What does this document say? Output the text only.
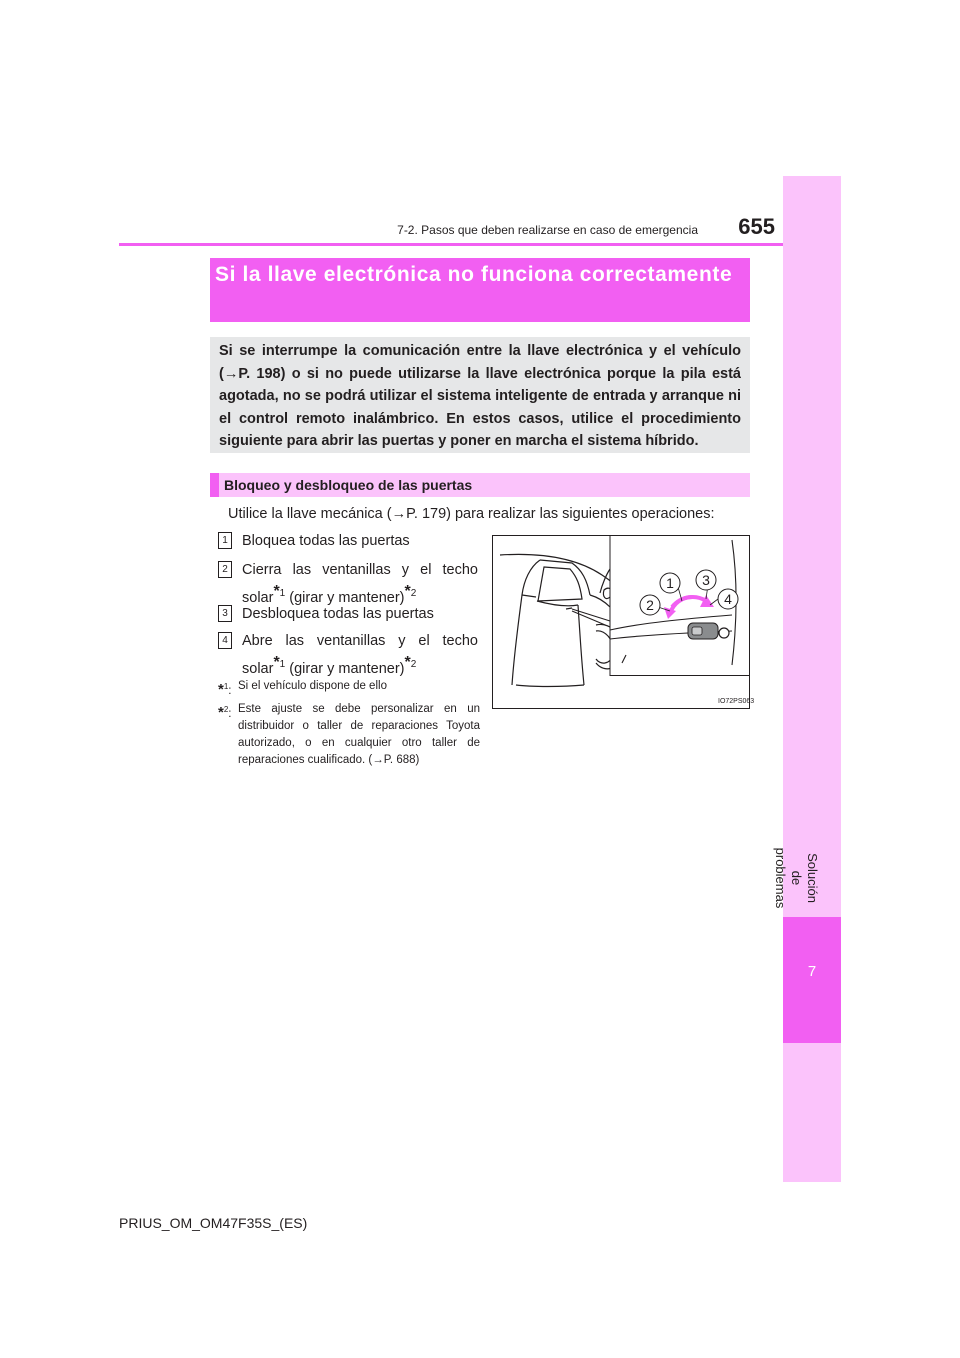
7
Solución de problemas
7-2. Pasos que deben realizarse en caso de emergencia 655
Si la llave electrónica no funciona correctamente
Si se interrumpe la comunicación entre la llave electrónica y el vehículo (→P. 198) o si no puede utilizarse la llave electrónica porque la pila está agotada, no se podrá utilizar el sistema inteligente de entrada y arranque ni el control remoto inalámbrico. En estos casos, utilice el procedimiento siguiente para abrir las puertas y poner en marcha el sistema híbrido.
Bloqueo y desbloqueo de las puertas
Utilice la llave mecánica (→P. 179) para realizar las siguientes operaciones:
1 Bloquea todas las puertas
2 Cierra las ventanillas y el techo solar$^{*1}$ (girar y mantener)$^{*2}$
3 Desbloquea todas las puertas
4 Abre las ventanillas y el techo solar$^{*1}$ (girar y mantener)$^{*2}$
*$^1$: Si el vehículo dispone de ello
*$^2$: Este ajuste se debe personalizar en un distribuidor o taller de reparaciones Toyota autorizado, o en cualquier otro taller de reparaciones cualificado. (→P. 688)
1
2
3
4
IO72PS063
PRIUS_OM_OM47F35S_(ES)
